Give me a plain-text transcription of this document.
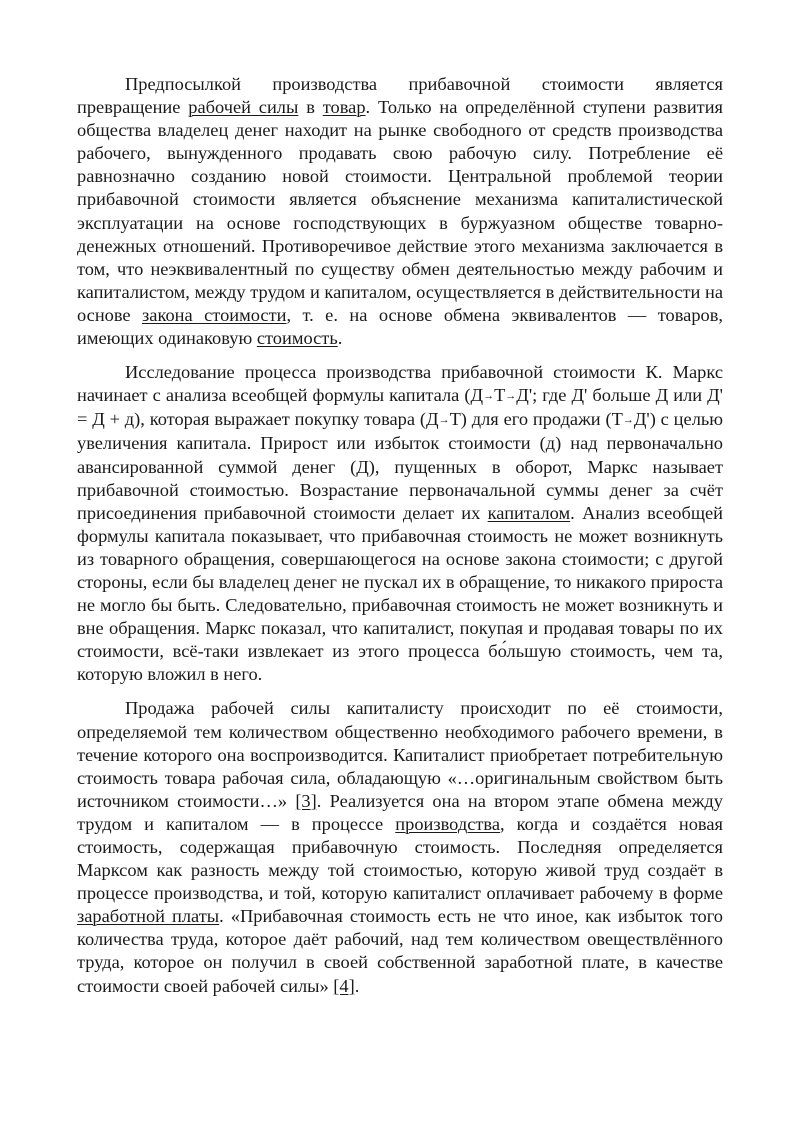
Предпосылкой производства прибавочной стоимости является превращение рабочей силы в товар. Только на определённой ступени развития общества владелец денег находит на рынке свободного от средств производства рабочего, вынужденного продавать свою рабочую силу. Потребление её равнозначно созданию новой стоимости. Центральной проблемой теории прибавочной стоимости является объяснение механизма капиталистической эксплуатации на основе господствующих в буржуазном обществе товарно-денежных отношений. Противоречивое действие этого механизма заключается в том, что неэквивалентный по существу обмен деятельностью между рабочим и капиталистом, между трудом и капиталом, осуществляется в действительности на основе закона стоимости, т. е. на основе обмена эквивалентов — товаров, имеющих одинаковую стоимость.

Исследование процесса производства прибавочной стоимости К. Маркс начинает с анализа всеобщей формулы капитала (Д→Т→Д'; где Д' больше Д или Д' = Д + д), которая выражает покупку товара (Д→Т) для его продажи (Т→Д') с целью увеличения капитала. Прирост или избыток стоимости (д) над первоначально авансированной суммой денег (Д), пущенных в оборот, Маркс называет прибавочной стоимостью. Возрастание первоначальной суммы денег за счёт присоединения прибавочной стоимости делает их капиталом. Анализ всеобщей формулы капитала показывает, что прибавочная стоимость не может возникнуть из товарного обращения, совершающегося на основе закона стоимости; с другой стороны, если бы владелец денег не пускал их в обращение, то никакого прироста не могло бы быть. Следовательно, прибавочная стоимость не может возникнуть и вне обращения. Маркс показал, что капиталист, покупая и продавая товары по их стоимости, всё-таки извлекает из этого процесса бо́льшую стоимость, чем та, которую вложил в него.

Продажа рабочей силы капиталисту происходит по её стоимости, определяемой тем количеством общественно необходимого рабочего времени, в течение которого она воспроизводится. Капиталист приобретает потребительную стоимость товара рабочая сила, обладающую «…оригинальным свойством быть источником стоимости…» [3]. Реализуется она на втором этапе обмена между трудом и капиталом — в процессе производства, когда и создаётся новая стоимость, содержащая прибавочную стоимость. Последняя определяется Марксом как разность между той стоимостью, которую живой труд создаёт в процессе производства, и той, которую капиталист оплачивает рабочему в форме заработной платы. «Прибавочная стоимость есть не что иное, как избыток того количества труда, которое даёт рабочий, над тем количеством овеществлённого труда, которое он получил в своей собственной заработной плате, в качестве стоимости своей рабочей силы» [4].
